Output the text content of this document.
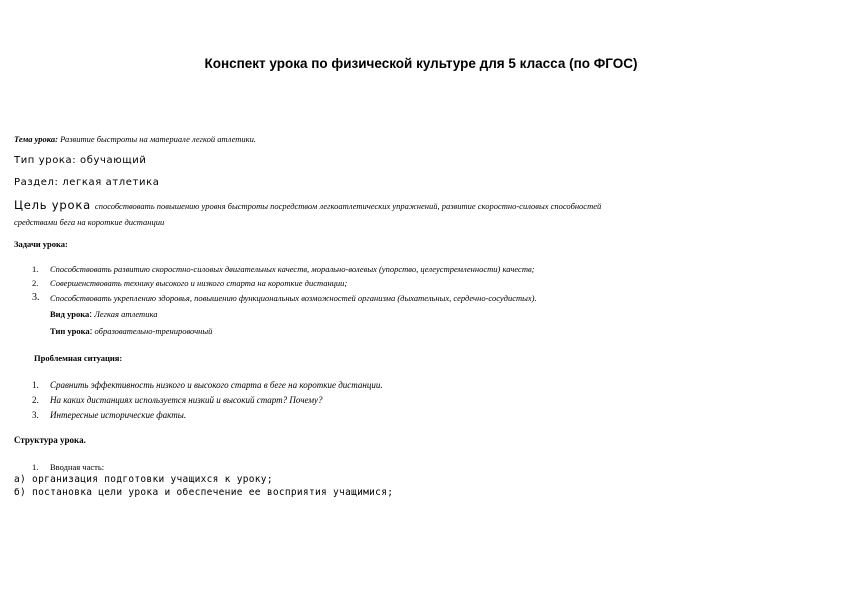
Конспект урока по физической культуре для 5 класса (по ФГОС)
Тема урока: Развитие быстроты на материале легкой атлетики.
Тип урока: обучающий
Раздел: легкая атлетика
Цель урока способствовать повышению уровня быстроты посредством легкоатлетических упражнений, развитие скоростно-силовых способностей
средствами бега на короткие дистанции
Задачи урока:
1. Способствовать развитию скоростно-силовых двигательных качеств, морально-волевых (упорство, целеустремленности) качеств;
2. Совершенствовать технику высокого и низкого старта на короткие дистанции;
3. Способствовать укреплению здоровья, повышению функциональных возможностей организма (дыхательных, сердечно-сосудистых).
Вид урока: Легкая атлетика
Тип урока: образовательно-тренировочный
Проблемная ситуация:
1. Сравнить эффективность низкого и высокого старта в беге на короткие дистанции.
2. На каких дистанциях используется низкий и высокий старт? Почему?
3. Интересные исторические факты.
Структура урока.
1. Вводная часть:
а) организация подготовки учащихся к уроку;
б) постановка цели урока и обеспечение ее восприятия учащимися;
